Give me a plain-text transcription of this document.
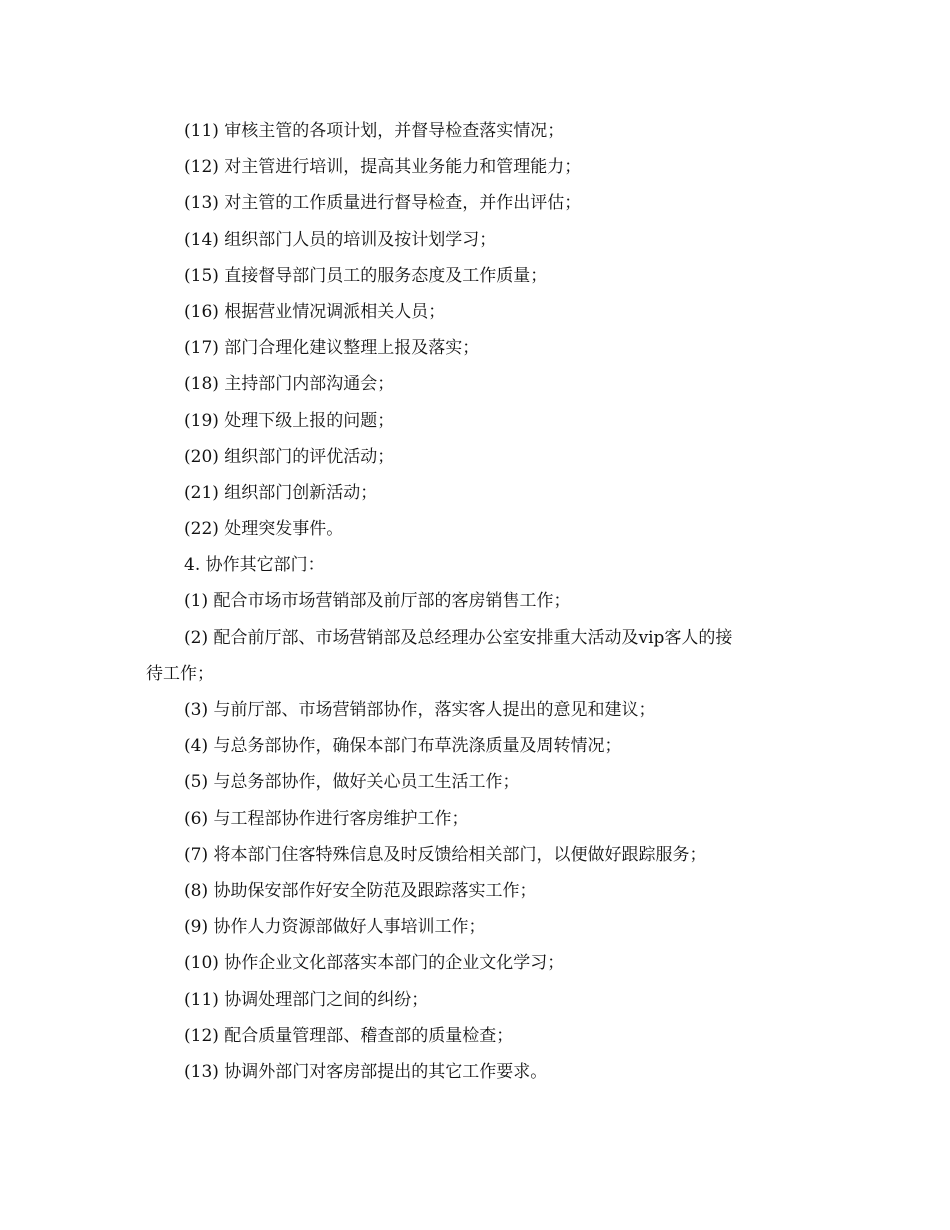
(11) 审核主管的各项计划，并督导检查落实情况；
(12) 对主管进行培训，提高其业务能力和管理能力；
(13) 对主管的工作质量进行督导检查，并作出评估；
(14) 组织部门人员的培训及按计划学习；
(15) 直接督导部门员工的服务态度及工作质量；
(16) 根据营业情况调派相关人员；
(17) 部门合理化建议整理上报及落实；
(18) 主持部门内部沟通会；
(19) 处理下级上报的问题；
(20) 组织部门的评优活动；
(21) 组织部门创新活动；
(22) 处理突发事件。
4. 协作其它部门：
(1) 配合市场市场营销部及前厅部的客房销售工作；
(2) 配合前厅部、市场营销部及总经理办公室安排重大活动及vip客人的接
待工作；
(3) 与前厅部、市场营销部协作，落实客人提出的意见和建议；
(4) 与总务部协作，确保本部门布草洗涤质量及周转情况；
(5) 与总务部协作，做好关心员工生活工作；
(6) 与工程部协作进行客房维护工作；
(7) 将本部门住客特殊信息及时反馈给相关部门，以便做好跟踪服务；
(8) 协助保安部作好安全防范及跟踪落实工作；
(9) 协作人力资源部做好人事培训工作；
(10) 协作企业文化部落实本部门的企业文化学习；
(11) 协调处理部门之间的纠纷；
(12) 配合质量管理部、稽查部的质量检查；
(13) 协调外部门对客房部提出的其它工作要求。
